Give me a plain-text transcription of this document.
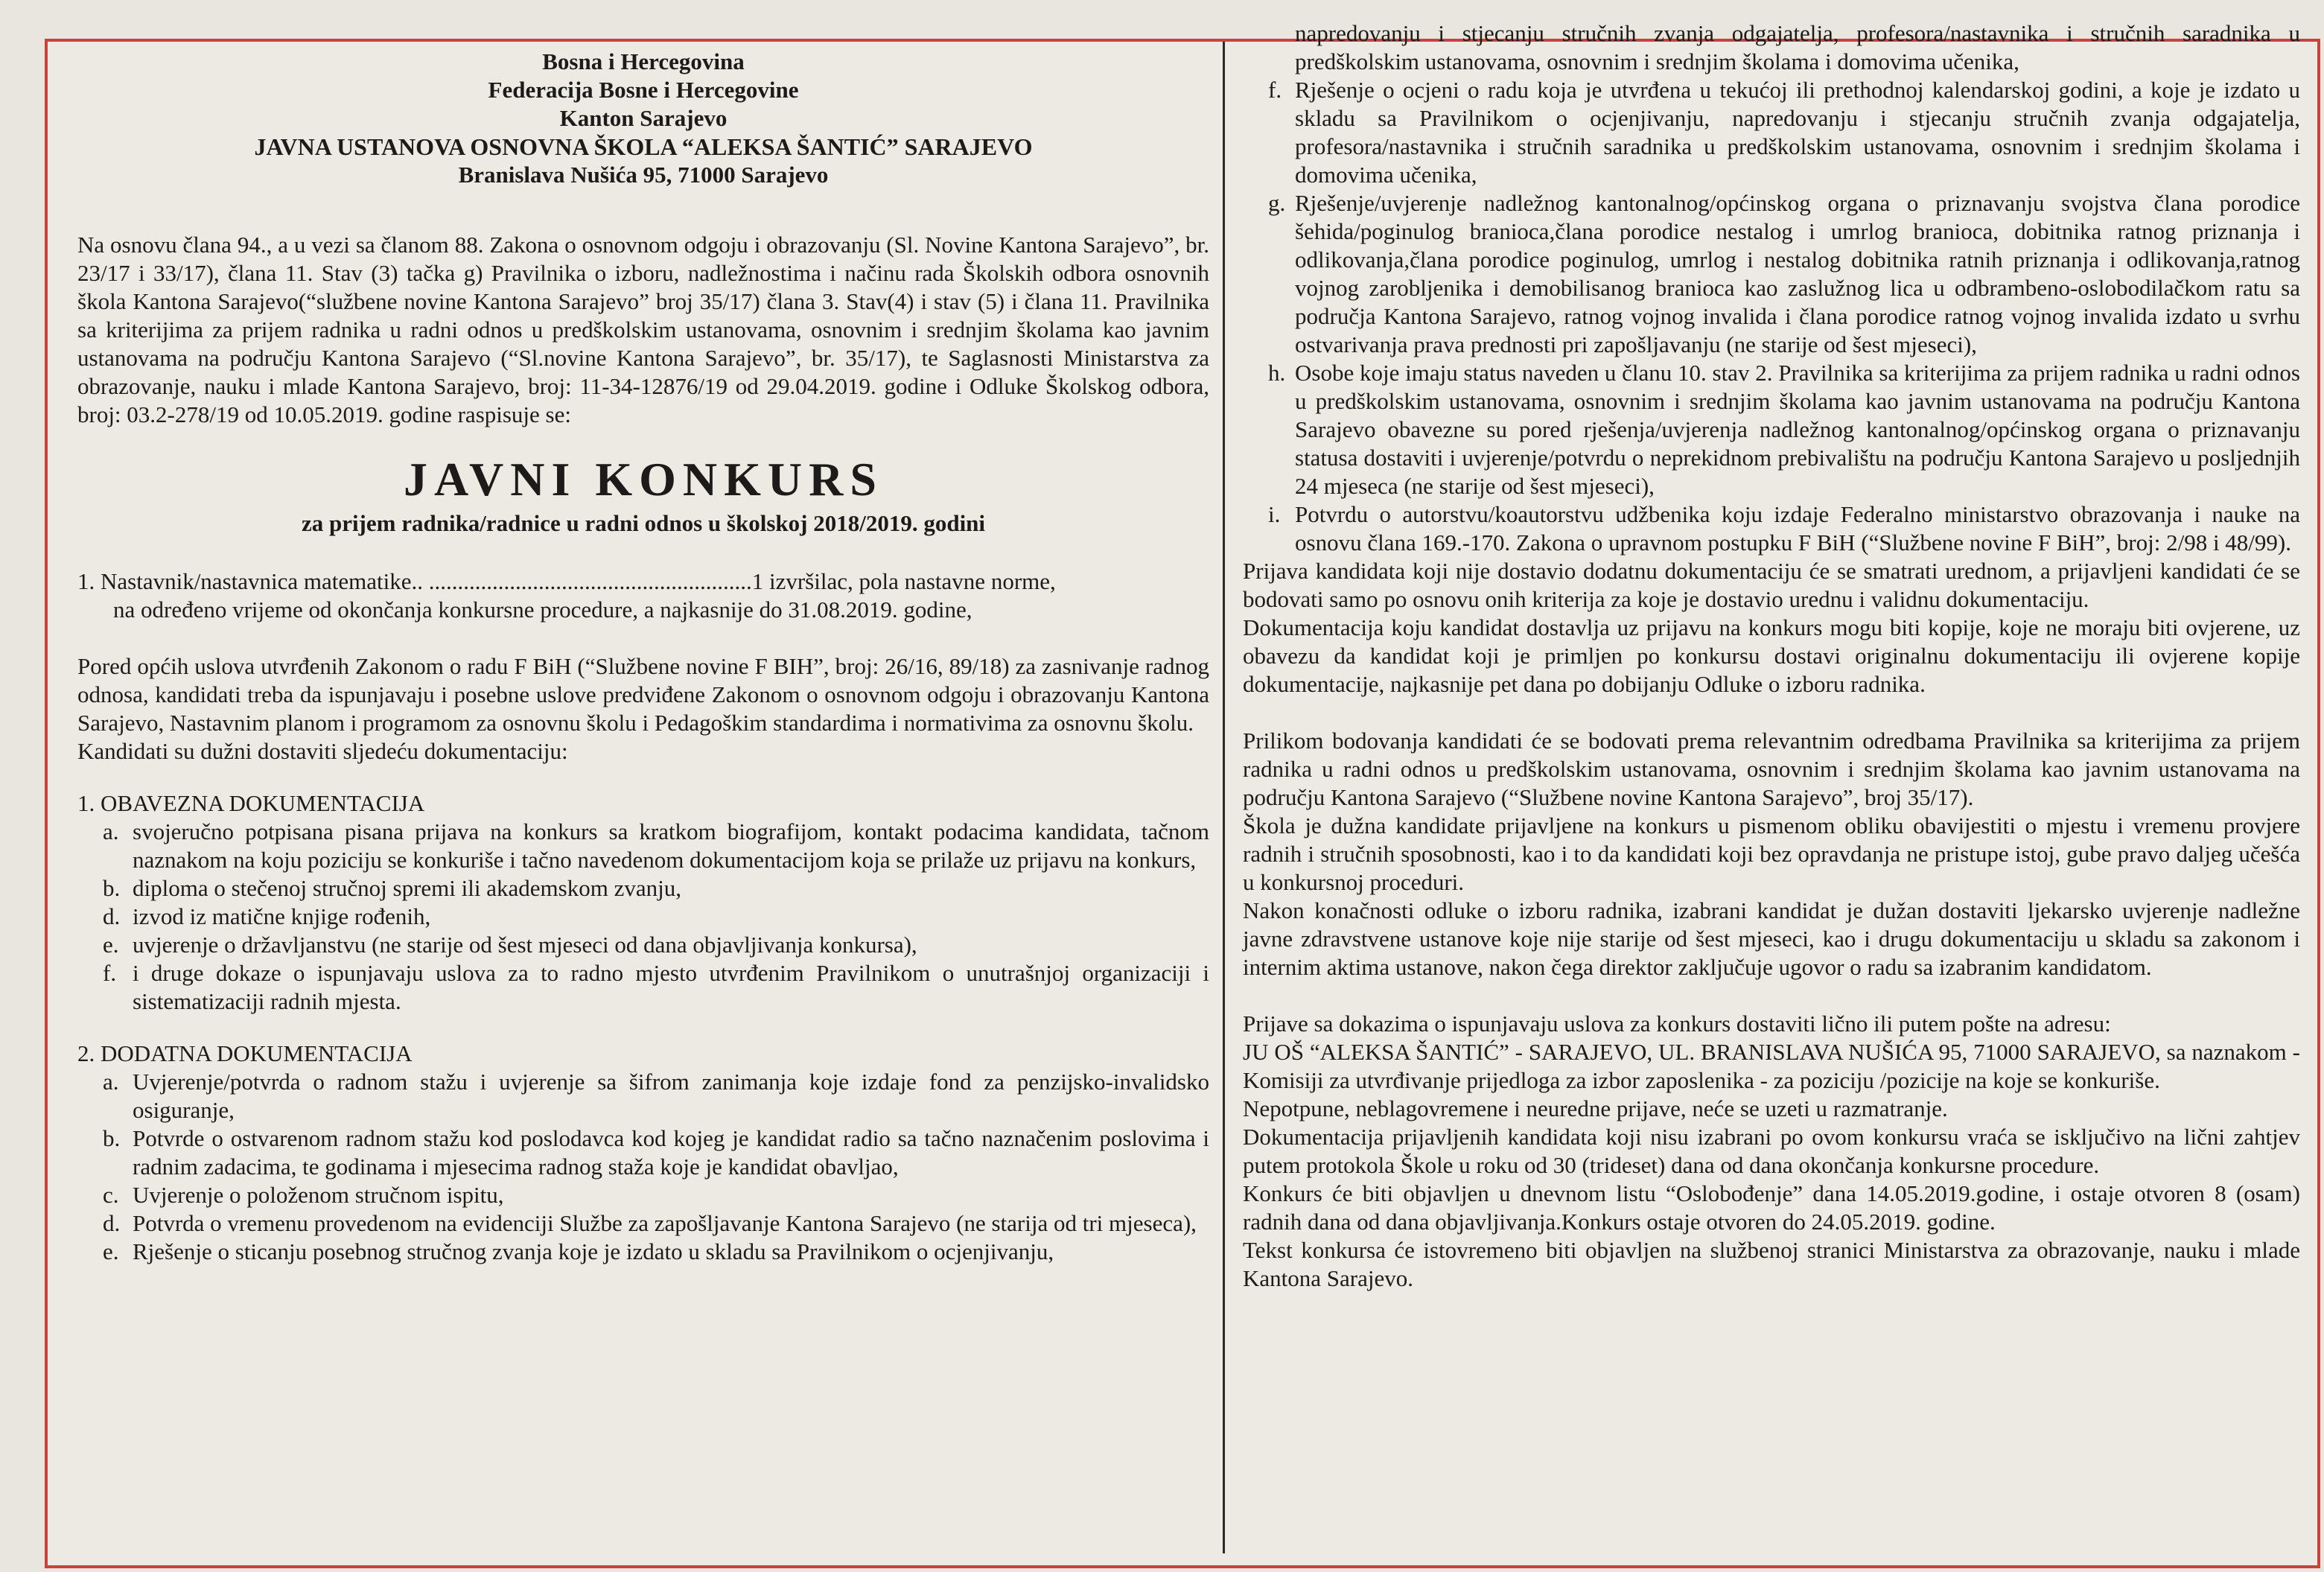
Bosna i Hercegovina
Federacija Bosne i Hercegovine
Kanton Sarajevo
JAVNA USTANOVA OSNOVNA ŠKOLA “ALEKSA ŠANTIĆ” SARAJEVO
Branislava Nušića 95, 71000 Sarajevo

Na osnovu člana 94., a u vezi sa članom 88. Zakona o osnovnom odgoju i obrazovanju (Sl. Novine Kantona Sarajevo”, br. 23/17 i 33/17), člana 11. Stav (3) tačka g) Pravilnika o izboru, nadležnostima i načinu rada Školskih odbora osnovnih škola Kantona Sarajevo(“službene novine Kantona Sarajevo” broj 35/17) člana 3. Stav(4) i stav (5) i člana 11. Pravilnika sa kriterijima za prijem radnika u radni odnos u predškolskim ustanovama, osnovnim i srednjim školama kao javnim ustanovama na području Kantona Sarajevo (“Sl.novine Kantona Sarajevo”, br. 35/17), te Saglasnosti Ministarstva za obrazovanje, nauku i mlade Kantona Sarajevo, broj: 11-34-12876/19 od 29.04.2019. godine i Odluke Školskog odbora, broj: 03.2-278/19 od 10.05.2019. godine raspisuje se:

JAVNI KONKURS
za prijem radnika/radnice u radni odnos u školskoj 2018/2019. godini

1. Nastavnik/nastavnica matematike.. ........................................................1 izvršilac, pola nastavne norme,
na određeno vrijeme od okončanja konkursne procedure, a najkasnije do 31.08.2019. godine,

Pored općih uslova utvrđenih Zakonom o radu F BiH (“Službene novine F BIH”, broj: 26/16, 89/18) za zasnivanje radnog odnosa, kandidati treba da ispunjavaju i posebne uslove predviđene Zakonom o osnovnom odgoju i obrazovanju Kantona Sarajevo, Nastavnim planom i programom za osnovnu školu i Pedagoškim standardima i normativima za osnovnu školu.

Kandidati su dužni dostaviti sljedeću dokumentaciju:

1. OBAVEZNA DOKUMENTACIJA
a. svojeručno potpisana pisana prijava na konkurs sa kratkom biografijom, kontakt podacima kandidata, tačnom naznakom na koju poziciju se konkuriše i tačno navedenom dokumentacijom koja se prilaže uz prijavu na konkurs,
b. diploma o stečenoj stručnoj spremi ili akademskom zvanju,
d. izvod iz matične knjige rođenih,
e. uvjerenje o državljanstvu (ne starije od šest mjeseci od dana objavljivanja konkursa),
f. i druge dokaze o ispunjavaju uslova za to radno mjesto utvrđenim Pravilnikom o unutrašnjoj organizaciji i sistematizaciji radnih mjesta.
2. DODATNA DOKUMENTACIJA
a. Uvjerenje/potvrda o radnom stažu i uvjerenje sa šifrom zanimanja koje izdaje fond za penzijsko-invalidsko osiguranje,
b. Potvrde o ostvarenom radnom stažu kod poslodavca kod kojeg je kandidat radio sa tačno naznačenim poslovima i radnim zadacima, te godinama i mjesecima radnog staža koje je kandidat obavljao,
c. Uvjerenje o položenom stručnom ispitu,
d. Potvrda o vremenu provedenom na evidenciji Službe za zapošljavanje Kantona Sarajevo (ne starija od tri mjeseca),
e. Rješenje o sticanju posebnog stručnog zvanja koje je izdato u skladu sa Pravilnikom o ocjenjivanju,

napredovanju i stjecanju stručnih zvanja odgajatelja, profesora/nastavnika i stručnih saradnika u predškolskim ustanovama, osnovnim i srednjim školama i domovima učenika,

f. Rješenje o ocjeni o radu koja je utvrđena u tekućoj ili prethodnoj kalendarskoj godini, a koje je izdato u skladu sa Pravilnikom o ocjenjivanju, napredovanju i stjecanju stručnih zvanja odgajatelja, profesora/nastavnika i stručnih saradnika u predškolskim ustanovama, osnovnim i srednjim školama i domovima učenika,
g. Rješenje/uvjerenje nadležnog kantonalnog/općinskog organa o priznavanju svojstva člana porodice šehida/poginulog branioca,člana porodice nestalog i umrlog branioca, dobitnika ratnog priznanja i odlikovanja,člana porodice poginulog, umrlog i nestalog dobitnika ratnih priznanja i odlikovanja,ratnog vojnog zarobljenika i demobilisanog branioca kao zaslužnog lica u odbrambeno-oslobodilačkom ratu sa područja Kantona Sarajevo, ratnog vojnog invalida i člana porodice ratnog vojnog invalida izdato u svrhu ostvarivanja prava prednosti pri zapošljavanju (ne starije od šest mjeseci),
h. Osobe koje imaju status naveden u članu 10. stav 2. Pravilnika sa kriterijima za prijem radnika u radni odnos u predškolskim ustanovama, osnovnim i srednjim školama kao javnim ustanovama na području Kantona Sarajevo obavezne su pored rješenja/uvjerenja nadležnog kantonalnog/općinskog organa o priznavanju statusa dostaviti i uvjerenje/potvrdu o neprekidnom prebivalištu na području Kantona Sarajevo u posljednjih 24 mjeseca (ne starije od šest mjeseci),
i. Potvrdu o autorstvu/koautorstvu udžbenika koju izdaje Federalno ministarstvo obrazovanja i nauke na osnovu člana 169.-170. Zakona o upravnom postupku F BiH (“Službene novine F BiH”, broj: 2/98 i 48/99).

Prijava kandidata koji nije dostavio dodatnu dokumentaciju će se smatrati urednom, a prijavljeni kandidati će se bodovati samo po osnovu onih kriterija za koje je dostavio urednu i validnu dokumentaciju.

Dokumentacija koju kandidat dostavlja uz prijavu na konkurs mogu biti kopije, koje ne moraju biti ovjerene, uz obavezu da kandidat koji je primljen po konkursu dostavi originalnu dokumentaciju ili ovjerene kopije dokumentacije, najkasnije pet dana po dobijanju Odluke o izboru radnika.

Prilikom bodovanja kandidati će se bodovati prema relevantnim odredbama Pravilnika sa kriterijima za prijem radnika u radni odnos u predškolskim ustanovama, osnovnim i srednjim školama kao javnim ustanovama na području Kantona Sarajevo (“Službene novine Kantona Sarajevo”, broj 35/17).

Škola je dužna kandidate prijavljene na konkurs u pismenom obliku obavijestiti o mjestu i vremenu provjere radnih i stručnih sposobnosti, kao i to da kandidati koji bez opravdanja ne pristupe istoj, gube pravo daljeg učešća u konkursnoj proceduri.

Nakon konačnosti odluke o izboru radnika, izabrani kandidat je dužan dostaviti ljekarsko uvjerenje nadležne javne zdravstvene ustanove koje nije starije od šest mjeseci, kao i drugu dokumentaciju u skladu sa zakonom i internim aktima ustanove, nakon čega direktor zaključuje ugovor o radu sa izabranim kandidatom.

Prijave sa dokazima o ispunjavaju uslova za konkurs dostaviti lično ili putem pošte na adresu:

JU OŠ “ALEKSA ŠANTIĆ” - SARAJEVO, UL. BRANISLAVA NUŠIĆA 95, 71000 SARAJEVO, sa naznakom - Komisiji za utvrđivanje prijedloga za izbor zaposlenika - za poziciju /pozicije na koje se konkuriše.

Nepotpune, neblagovremene i neuredne prijave, neće se uzeti u razmatranje.

Dokumentacija prijavljenih kandidata koji nisu izabrani po ovom konkursu vraća se isključivo na lični zahtjev putem protokola Škole u roku od 30 (trideset) dana od dana okončanja konkursne procedure.

Konkurs će biti objavljen u dnevnom listu “Oslobođenje” dana 14.05.2019.godine, i ostaje otvoren 8 (osam) radnih dana od dana objavljivanja.Konkurs ostaje otvoren do 24.05.2019. godine.

Tekst konkursa će istovremeno biti objavljen na službenoj stranici Ministarstva za obrazovanje, nauku i mlade Kantona Sarajevo.
